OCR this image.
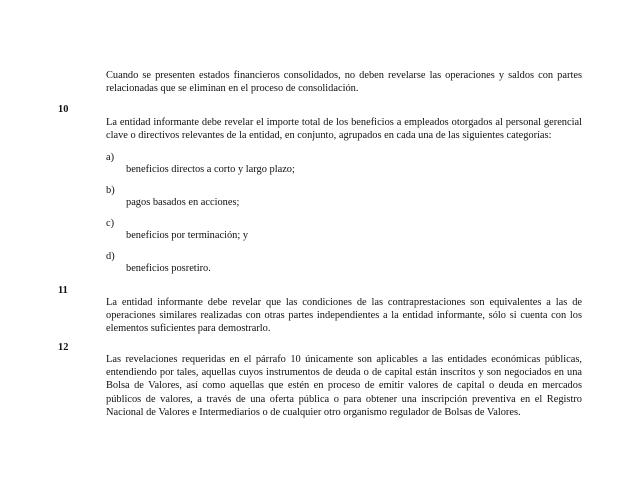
Cuando se presenten estados financieros consolidados, no deben revelarse las operaciones y saldos con partes relacionadas que se eliminan en el proceso de consolidación.

10

La entidad informante debe revelar el importe total de los beneficios a empleados otorgados al personal gerencial clave o directivos relevantes de la entidad, en conjunto, agrupados en cada una de las siguientes categorías:

a)
beneficios directos a corto y largo plazo;
b)
pagos basados en acciones;
c)
beneficios por terminación; y
d)
beneficios posretiro.
11

La entidad informante debe revelar que las condiciones de las contraprestaciones son equivalentes a las de operaciones similares realizadas con otras partes independientes a la entidad informante, sólo si cuenta con los elementos suficientes para demostrarlo.

12

Las revelaciones requeridas en el párrafo 10 únicamente son aplicables a las entidades económicas públicas, entendiendo por tales, aquellas cuyos instrumentos de deuda o de capital están inscritos y son negociados en una Bolsa de Valores, así como aquellas que estén en proceso de emitir valores de capital o deuda en mercados públicos de valores, a través de una oferta pública o para obtener una inscripción preventiva en el Registro Nacional de Valores e Intermediarios o de cualquier otro organismo regulador de Bolsas de Valores.
